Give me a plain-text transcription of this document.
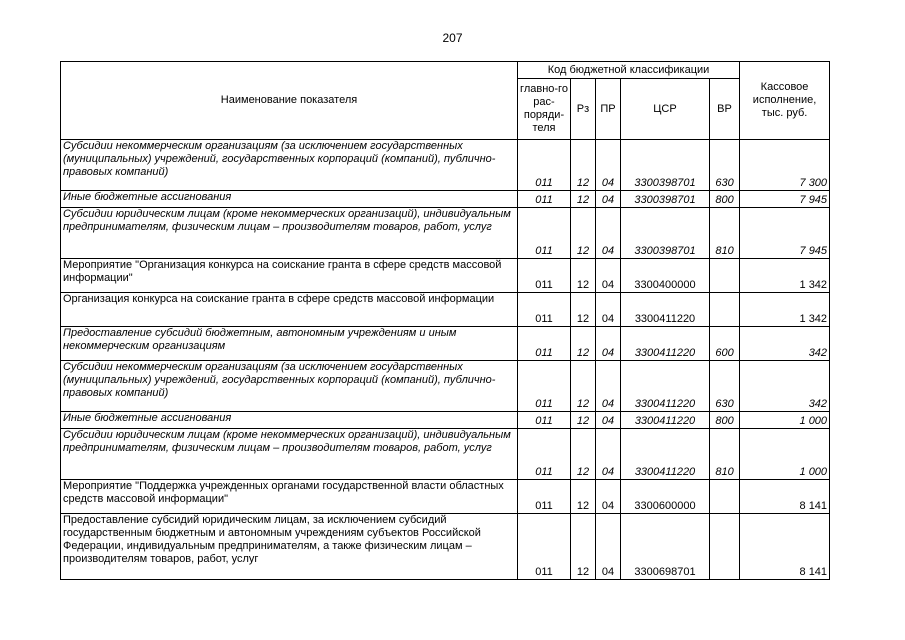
207
Наименование показателя	Код бюджетной классификации					Кассовое исполнение, тыс. руб.
	главно-го рас-поряди-теля	Рз	ПР	ЦСР	ВР	
Субсидии некоммерческим организациям (за исключением государственных (муниципальных) учреждений, государственных корпораций (компаний), публично-правовых компаний)	011	12	04	3300398701	630	7 300
Иные бюджетные ассигнования	011	12	04	3300398701	800	7 945
Субсидии юридическим лицам (кроме некоммерческих организаций), индивидуальным предпринимателям, физическим лицам – производителям товаров, работ, услуг	011	12	04	3300398701	810	7 945
Мероприятие "Организация конкурса на соискание гранта в сфере средств массовой информации"	011	12	04	3300400000		1 342
Организация конкурса на соискание гранта в сфере средств массовой информации	011	12	04	3300411220		1 342
Предоставление субсидий бюджетным, автономным учреждениям и иным некоммерческим организациям	011	12	04	3300411220	600	342
Субсидии некоммерческим организациям (за исключением государственных (муниципальных) учреждений, государственных корпораций (компаний), публично-правовых компаний)	011	12	04	3300411220	630	342
Иные бюджетные ассигнования	011	12	04	3300411220	800	1 000
Субсидии юридическим лицам (кроме некоммерческих организаций), индивидуальным предпринимателям, физическим лицам – производителям товаров, работ, услуг	011	12	04	3300411220	810	1 000
Мероприятие "Поддержка учрежденных органами государственной власти областных средств массовой информации"	011	12	04	3300600000		8 141
Предоставление субсидий юридическим лицам, за исключением субсидий государственным бюджетным и автономным учреждениям субъектов Российской Федерации, индивидуальным предпринимателям, а также физическим лицам – производителям товаров, работ, услуг	011	12	04	3300698701		8 141
